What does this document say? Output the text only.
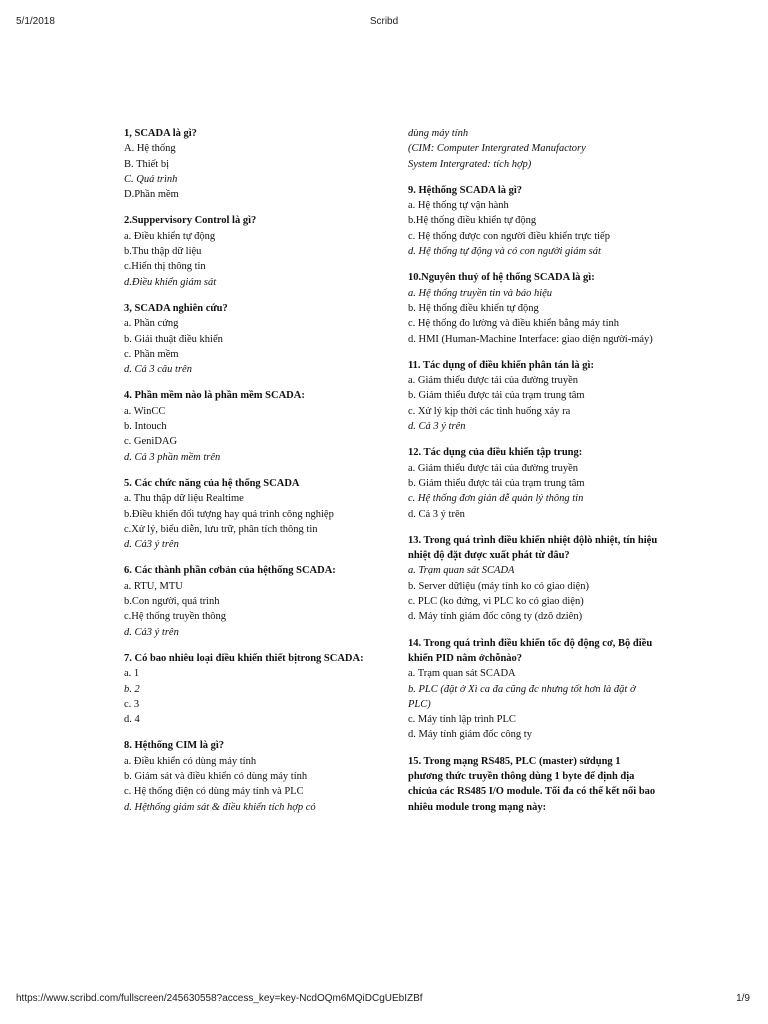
5/1/2018	Scribd
1, SCADA là gì?
A. Hệ thống
B. Thiết bị
C. Quá trình
D.Phần mềm
2.Suppervisory Control là gì?
a. Điều khiển tự động
b.Thu thập dữ liệu
c.Hiển thị thông tin
d.Điều khiển giám sát
3, SCADA nghiên cứu?
a. Phần cứng
b. Giải thuật điều khiển
c. Phần mềm
d. Cả 3 câu trên
4. Phần mềm nào là phần mềm SCADA:
a. WinCC
b. Intouch
c. GeniDAG
d. Cả 3 phần mềm trên
5. Các chức năng của hệ thống SCADA
a. Thu thập dữ liệu Realtime
b.Điều khiển đối tượng hay quá trình công nghiệp
c.Xử lý, biểu diễn, lưu trữ, phân tích thông tin
d. Cả3 ý trên
6. Các thành phần cơbản của hệthống SCADA:
a. RTU, MTU
b.Con người, quá trình
c.Hệ thống truyền thông
d. Cả3 ý trên
7. Có bao nhiêu loại điều khiển thiết bịtrong SCADA:
a. 1
b. 2
c. 3
d. 4
8. Hệthống CIM là gì?
a. Điều khiển có dùng máy tính
b. Giám sát và điều khiển có dùng máy tính
c. Hệ thống điện có dùng máy tính và PLC
d. Hệthống giám sát & điều khiển tích hợp có
dùng máy tính
(CIM: Computer Intergrated Manufactory
System Intergrated: tích hợp)
9. Hệthống SCADA là gì?
a. Hệ thống tự vận hành
b.Hệ thống điều khiển tự động
c. Hệ thống được con người điều khiển trực tiếp
d. Hệ thống tự động và có con người giám sát
10.Nguyên thuỷ of hệ thống SCADA là gì:
a. Hệ thống truyền tin và báo hiệu
b. Hệ thống điều khiển tự động
c. Hệ thống đo lường và điều khiển bằng máy tính
d. HMI (Human-Machine Interface: giao diện người-máy)
11. Tác dụng of điều khiển phân tán là gì:
a. Giảm thiểu được tải của đường truyền
b. Giảm thiểu được tải của trạm trung tâm
c. Xử lý kịp thời các tình huống xảy ra
d. Cả 3 ý trên
12. Tác dụng của điều khiển tập trung:
a. Giảm thiểu được tải của đường truyền
b. Giảm thiểu được tải của trạm trung tâm
c. Hệ thống đơn giản dễ quản lý thông tin
d. Cả 3 ý trên
13. Trong quá trình điều khiển nhiệt độlò nhiệt, tín hiệu nhiệt độ đặt được xuất phát từ đâu?
a. Trạm quan sát SCADA
b. Server dữliệu (máy tính ko có giao diện)
c. PLC (ko đứng, vì PLC ko có giao diện)
d. Máy tính giám đốc công ty (dzô dziên)
14. Trong quá trình điều khiển tốc độ động cơ, Bộ điều khiển PID nằm ởchỗnào?
a. Trạm quan sát SCADA
b. PLC (đặt ở Xì ca đa cũng đc nhưng tốt hơn là đặt ở PLC)
c. Máy tính lập trình PLC
d. Máy tính giám đốc công ty
15. Trong mạng RS485, PLC (master) sửdụng 1 phương thức truyền thông dùng 1 byte để định địa chỉcủa các RS485 I/O module. Tối đa có thể kết nối bao nhiêu module trong mạng này:
https://www.scribd.com/fullscreen/245630558?access_key=key-NcdOQm6MQiDCgUEbIZBf	1/9
